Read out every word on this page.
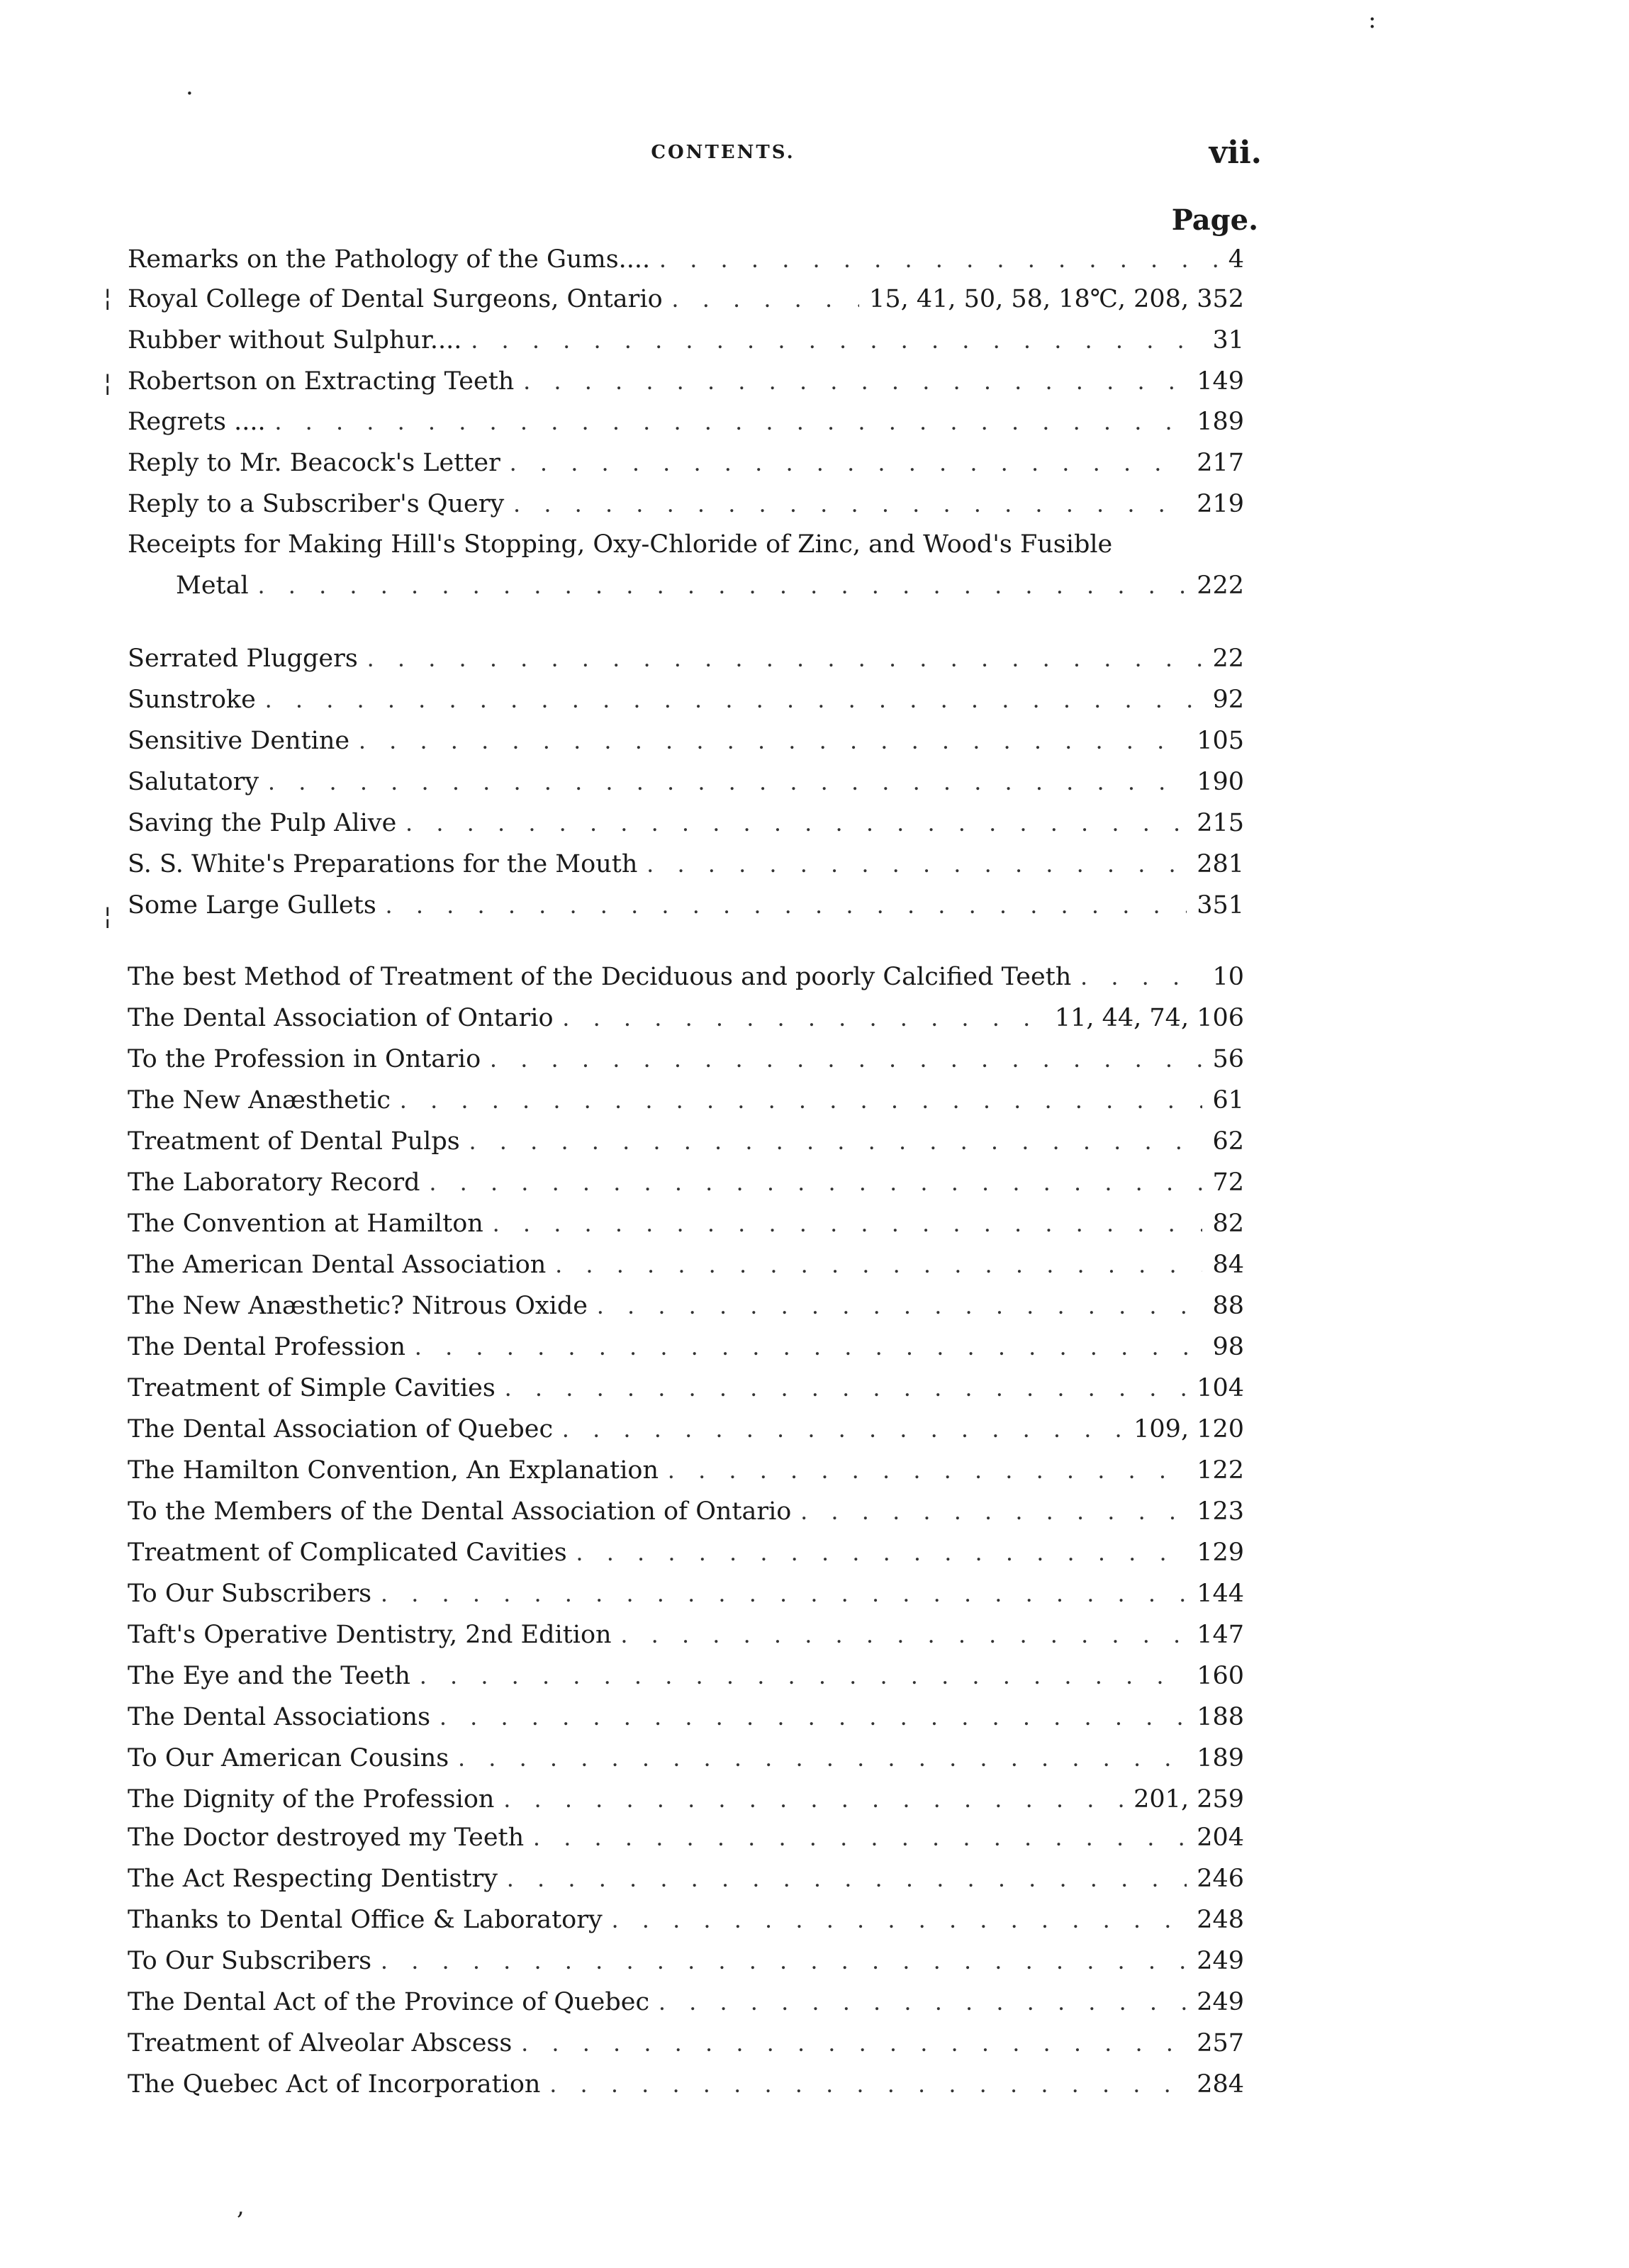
CONTENTS.	vii.
Page.
Remarks on the Pathology of the Gums.... . . .	4
Royal College of Dental Surgeons, Ontario . . .	15, 41, 50, 58, 18℃, 208, 352
Rubber without Sulphur.... . . .	31
Robertson on Extracting Teeth . . .	149
Regrets .... . . .	189
Reply to Mr. Beacock's Letter . . .	217
Reply to a Subscriber's Query . . .	219
Receipts for Making Hill's Stopping, Oxy-Chloride of Zinc, and Wood's Fusible
Metal . . .	222
Serrated Pluggers . . .	22
Sunstroke . . .	92
Sensitive Dentine . . .	105
Salutatory . . .	190
Saving the Pulp Alive . . .	215
S. S. White's Preparations for the Mouth . . .	281
Some Large Gullets . . .	351
The best Method of Treatment of the Deciduous and poorly Calcified Teeth . . .	10
The Dental Association of Ontario . . .	11, 44, 74, 106
To the Profession in Ontario . . .	56
The New Anæsthetic . . .	61
Treatment of Dental Pulps . . .	62
The Laboratory Record . . .	72
The Convention at Hamilton . . .	82
The American Dental Association . . .	84
The New Anæsthetic? Nitrous Oxide . . .	88
The Dental Profession . . .	98
Treatment of Simple Cavities . . .	104
The Dental Association of Quebec . . .	109, 120
The Hamilton Convention, An Explanation . . .	122
To the Members of the Dental Association of Ontario . . .	123
Treatment of Complicated Cavities . . .	129
To Our Subscribers . . .	144
Taft's Operative Dentistry, 2nd Edition . . .	147
The Eye and the Teeth . . .	160
The Dental Associations . . .	188
To Our American Cousins . . .	189
The Dignity of the Profession . . .	201, 259
The Doctor destroyed my Teeth . . .	204
The Act Respecting Dentistry . . .	246
Thanks to Dental Office & Laboratory . . .	248
To Our Subscribers . . .	249
The Dental Act of the Province of Quebec . . .	249
Treatment of Alveolar Abscess . . .	257
The Quebec Act of Incorporation . . .	284
:
·
¦
¦
¦
,
